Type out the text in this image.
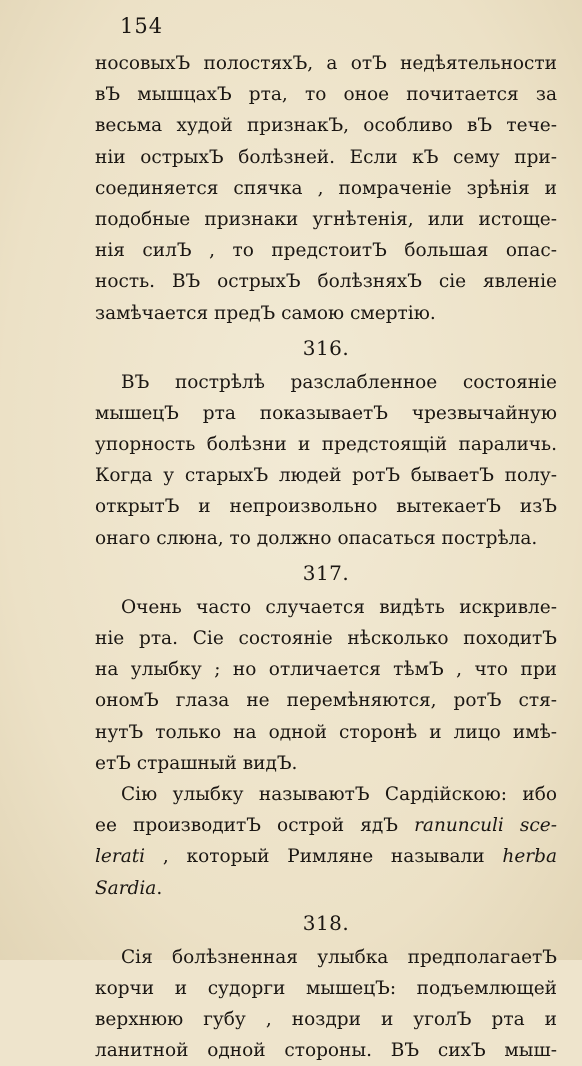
154
носовыхЪ полостяхЪ, а отЪ недѣятельности
вЪ мышцахЪ рта, то оное почитается за
весьма худой признакЪ, особливо вЪ тече-
нiи острыхЪ болѣзней. Если кЪ сему при-
соединяется спячка , помраченiе зрѣнiя и
подобные признаки угнѣтенiя, или истоще-
нiя силЪ , то предстоитЪ большая опас-
ность. ВЪ острыхЪ болѣзняхЪ сiе явленiе
замѣчается предЪ самою смертiю.
316.
ВЪ пострѣлѣ разслабленное состоянiе
мышецЪ рта показываетЪ чрезвычайную
упорность болѣзни и предстоящiй параличь.
Когда у старыхЪ людей ротЪ бываетЪ полу-
открытЪ и непроизвольно вытекаетЪ изЪ
онаго слюна, то должно опасаться пострѣла.
317.
Очень часто случается видѣть искривле-
нiе рта. Сiе состоянiе нѣсколько походитЪ
на улыбку ; но отличается тѣмЪ , что при
ономЪ глаза не перемѣняются, ротЪ стя-
нутЪ только на одной сторонѣ и лицо имѣ-
етЪ страшный видЪ.
Сiю улыбку называютЪ Сардiйскою: ибо
ее производитЪ острой ядЪ ranunculi sce-
lerati , который Римляне называли herba
Sardia.
318.
Сiя болѣзненная улыбка предполагаетЪ
корчи и судорги мышецЪ: подъемлющей
верхнюю губу , ноздри и уголЪ рта и
ланитной одной стороны. ВЪ сихЪ мыш-
